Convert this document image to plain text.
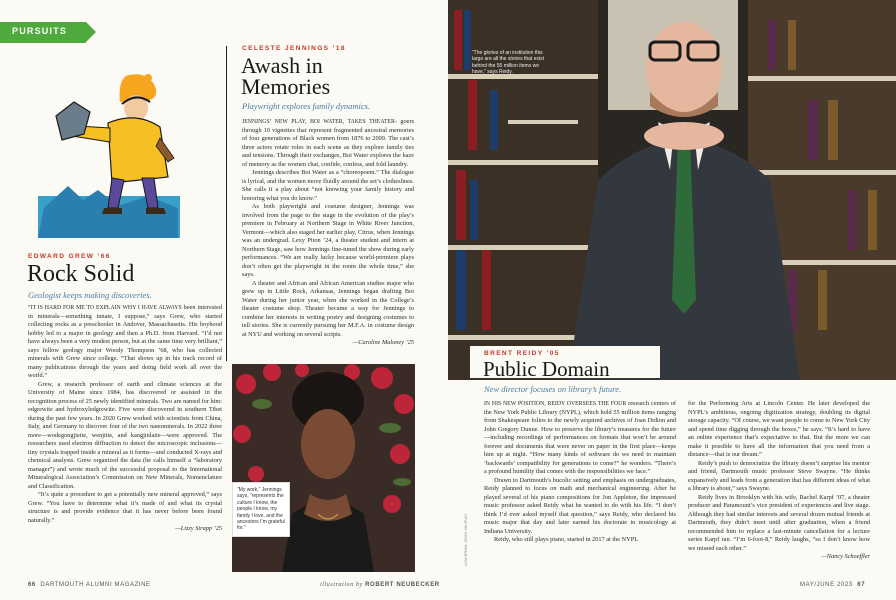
PURSUITS
EDWARD GREW ’66
Rock Solid
Geologist keeps making discoveries.

“IT IS HARD FOR ME TO EXPLAIN WHY I HAVE ALWAYS been interested in minerals—something innate, I suppose,” says Grew, who started collecting rocks as a preschooler in Andover, Massachusetts. His boyhood hobby led to a major in geology and then a Ph.D. from Harvard. “I’d not have always been a very modest person, but at the same time very brilliant,” says fellow geology major Woody Thompson ’68, who has collected minerals with Grew since college. “That shows up in his track record of many publications through the years and doing field work all over the world.”

Grew, a research professor of earth and climate sciences at the University of Maine since 1984, has discovered or assisted in the recognition process of 25 newly identified minerals. Two are named for him: edgrewite and hydroxyledgrewite. Five were discovered in southern Tibet during the past few years. In 2020 Grew worked with scientists from China, Italy, and Germany to discover four of the two nanominerals. In 2022 three more—wodegongjieite, wenjiite, and kangjinlaite—were approved. The researchers used electron diffraction to detect the microscopic inclusions—tiny crystals trapped inside a mineral as it forms—and conducted X-rays and chemical analysis. Grew organized the data (he calls himself a “laboratory manager”) and wrote much of the successful proposal to the International Mineralogical Association’s Commission on New Minerals, Nomenclature and Classification.

“It’s quite a procedure to get a potentially new mineral approved,” says Grew. “You have to determine what it’s made of and what its crystal structure is and provide evidence that it has never before been found naturally.”

—Lizzy Strapp ’25
CELESTE JENNINGS ’18
Awash in
Memories
Playwright explores family dynamics.

JENNINGS’ NEW PLAY, BOI WATER, TAKES THEATER- goers through 10 vignettes that represent fragmented ancestral memories of four generations of Black women from 1876 to 2009. The cast’s three actors rotate roles in each scene as they explore family ties and tensions. Through their exchanges, Boi Water explores the haze of memory as the women chat, confide, confess, and fold laundry.

Jennings describes Boi Water as a “choreopoem.” The dialogue is lyrical, and the women move fluidly around the set’s clotheslines. She calls it a play about “not knowing your family history and honoring what you do know.”

As both playwright and costume designer, Jennings was involved from the page to the stage in the evolution of the play’s premiere in February at Northern Stage in White River Junction, Vermont—which also staged her earlier play, Citrus, when Jennings was an undergrad. Lexy Piton ’24, a theater student and intern at Northern Stage, saw how Jennings fine-tuned the show during early performances. “We are really lucky because world-premiere plays don’t often get the playwright in the room the whole time,” she says.

A theater and African and African American studies major who grew up in Little Rock, Arkansas, Jennings began drafting Boi Water during her junior year, when she worked in the College’s theater costume shop. Theater became a way for Jennings to combine her interests in writing poetry and designing costumes to tell stories. She is currently pursuing her M.F.A. in costume design at NYU and working on several scripts.

—Caroline Maloney ’25
“My work,” Jennings says, “represents the culture I know, the people I know, my family I love, and the ancestors I’m grateful for.”
“The glories of an institution this large are all the stories that exist behind the 55 million items we have,” says Reidy.
BRENT REIDY ’05
Public Domain
New director focuses on library’s future.

IN HIS NEW POSITION, REIDY OVERSEES THE FOUR research centers of the New York Public Library (NYPL), which hold 55 million items ranging from Shakespeare folios to the newly acquired archives of Joan Didion and John Gregory Dunne. How to preserve the library’s treasures for the future—including recordings of performances on formats that won’t be around forever and documents that were never on paper in the first place—keeps him up at night. “How many kinds of software do we need to maintain ‘backwards’ compatibility for generations to come?” he wonders. “There’s a profound humility that comes with the responsibilities we face.”

Drawn to Dartmouth’s bucolic setting and emphasis on undergraduates, Reidy planned to focus on math and mechanical engineering. After he played several of his piano compositions for Jon Appleton, the impressed music professor asked Reidy what he wanted to do with his life. “I don’t think I’d ever asked myself that question,” says Reidy, who declared his music major that day and later earned his doctorate in musicology at Indiana University.

Reidy, who still plays piano, started in 2017 at the NYPL

for the Performing Arts at Lincoln Center. He later developed the NYPL’s ambitious, ongoing digitization strategy, doubling its digital storage capacity. “Of course, we want people to come to New York City and spend time digging through the boxes,” he says. “It’s hard to have an online experience that’s expectative to that. But the more we can make it possible to have all the information that you need from a distance—that is our dream.”

Reidy’s push to democratize the library doesn’t surprise his mentor and friend, Dartmouth music professor Steve Swayne. “He thinks expansively and leads from a generation that has different ideas of what a library is about,” says Swayne.

Reidy lives in Brooklyn with his wife, Rachel Karpf ’07, a theater producer and Paramount’s vice president of experiences and live stage. Although they had similar interests and several dozen mutual friends at Dartmouth, they didn’t meet until after graduation, when a friend recommended him to replace a last-minute cancellation for a lecture series Karpf ran. “I’m 6-foot-8,” Reidy laughs, “so I don’t know how we missed each other.”

—Nancy Schoeffler
LISA ERMA; JOHN VALPUKI
66 DARTMOUTH ALUMNI MAGAZINE	illustration by ROBERT NEUBECKER	MAY/JUNE 2023 67
